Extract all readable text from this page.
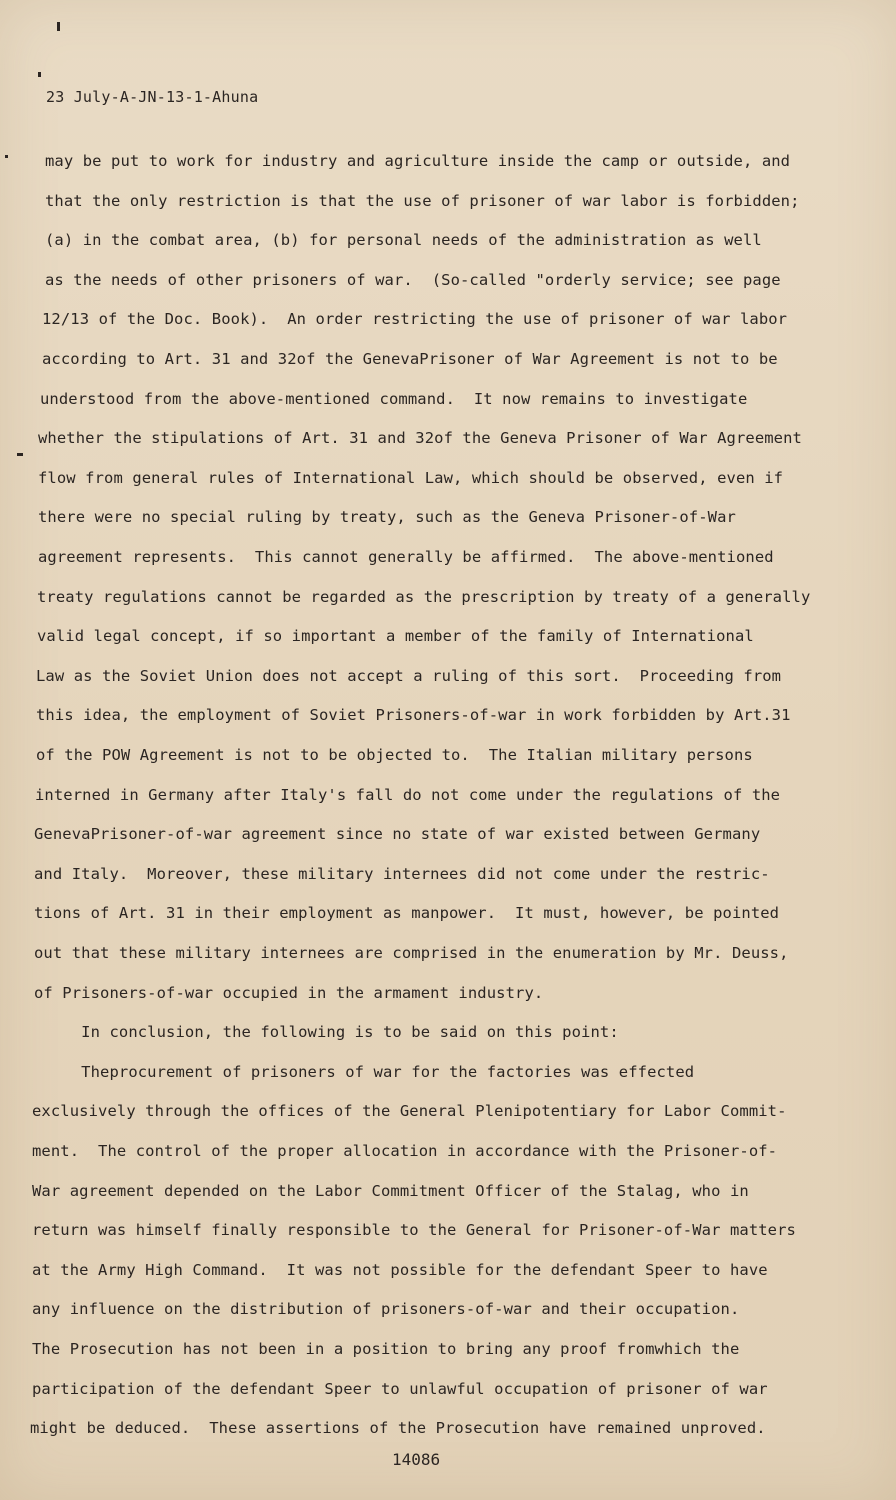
23 July-A-JN-13-1-Ahuna
may be put to work for industry and agriculture inside the camp or outside, and
that the only restriction is that the use of prisoner of war labor is forbidden;
(a) in the combat area, (b) for personal needs of the administration as well
as the needs of other prisoners of war.  (So-called "orderly service; see page
12/13 of the Doc. Book).  An order restricting the use of prisoner of war labor
according to Art. 31 and 32of the GenevaPrisoner of War Agreement is not to be
understood from the above-mentioned command.  It now remains to investigate
whether the stipulations of Art. 31 and 32of the Geneva Prisoner of War Agreement
flow from general rules of International Law, which should be observed, even if
there were no special ruling by treaty, such as the Geneva Prisoner-of-War
agreement represents.  This cannot generally be affirmed.  The above-mentioned
treaty regulations cannot be regarded as the prescription by treaty of a generally
valid legal concept, if so important a member of the family of International
Law as the Soviet Union does not accept a ruling of this sort.  Proceeding from
this idea, the employment of Soviet Prisoners-of-war in work forbidden by Art.31
of the POW Agreement is not to be objected to.  The Italian military persons
interned in Germany after Italy's fall do not come under the regulations of the
GenevaPrisoner-of-war agreement since no state of war existed between Germany
and Italy.  Moreover, these military internees did not come under the restric-
tions of Art. 31 in their employment as manpower.  It must, however, be pointed
out that these military internees are comprised in the enumeration by Mr. Deuss,
of Prisoners-of-war occupied in the armament industry.
In conclusion, the following is to be said on this point:
Theprocurement of prisoners of war for the factories was effected
exclusively through the offices of the General Plenipotentiary for Labor Commit-
ment.  The control of the proper allocation in accordance with the Prisoner-of-
War agreement depended on the Labor Commitment Officer of the Stalag, who in
return was himself finally responsible to the General for Prisoner-of-War matters
at the Army High Command.  It was not possible for the defendant Speer to have
any influence on the distribution of prisoners-of-war and their occupation.
The Prosecution has not been in a position to bring any proof fromwhich the
participation of the defendant Speer to unlawful occupation of prisoner of war
might be deduced.  These assertions of the Prosecution have remained unproved.
14086
